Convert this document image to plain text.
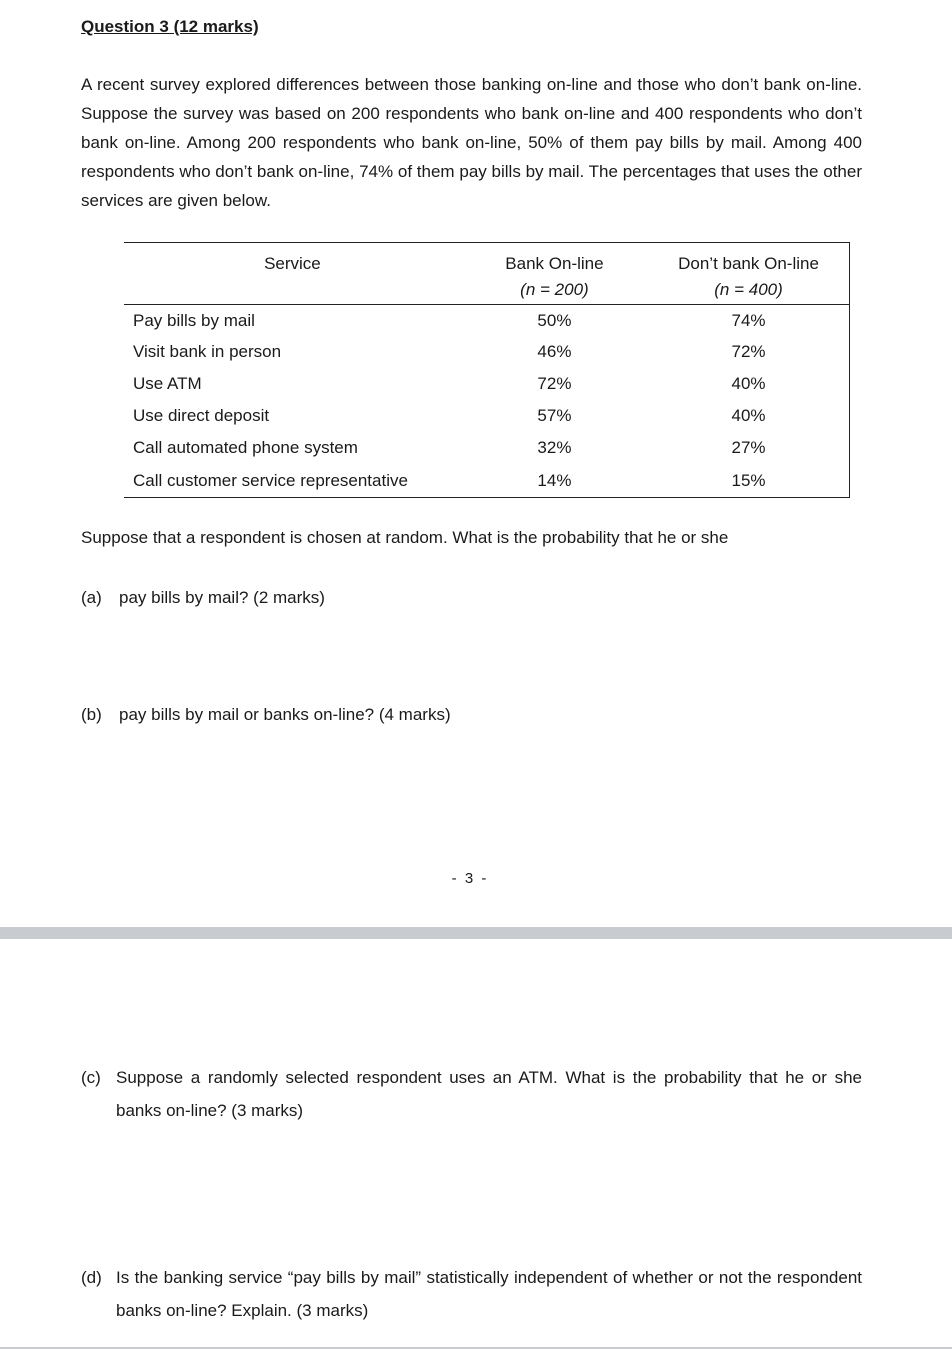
Question 3 (12 marks)

A recent survey explored differences between those banking on-line and those who don’t bank on-line. Suppose the survey was based on 200 respondents who bank on-line and 400 respondents who don’t bank on-line. Among 200 respondents who bank on-line, 50% of them pay bills by mail. Among 400 respondents who don’t bank on-line, 74% of them pay bills by mail. The percentages that uses the other services are given below.

Service	Bank On-line	Don’t bank On-line
	(n = 200)	(n = 400)
Pay bills by mail	50%	74%
Visit bank in person	46%	72%
Use ATM	72%	40%
Use direct deposit	57%	40%
Call automated phone system	32%	27%
Call customer service representative	14%	15%

Suppose that a respondent is chosen at random. What is the probability that he or she

(a) pay bills by mail? (2 marks)

(b) pay bills by mail or banks on-line? (4 marks)

- 3 -

(c) Suppose a randomly selected respondent uses an ATM. What is the probability that he or she banks on-line? (3 marks)

(d) Is the banking service “pay bills by mail” statistically independent of whether or not the respondent banks on-line? Explain. (3 marks)
